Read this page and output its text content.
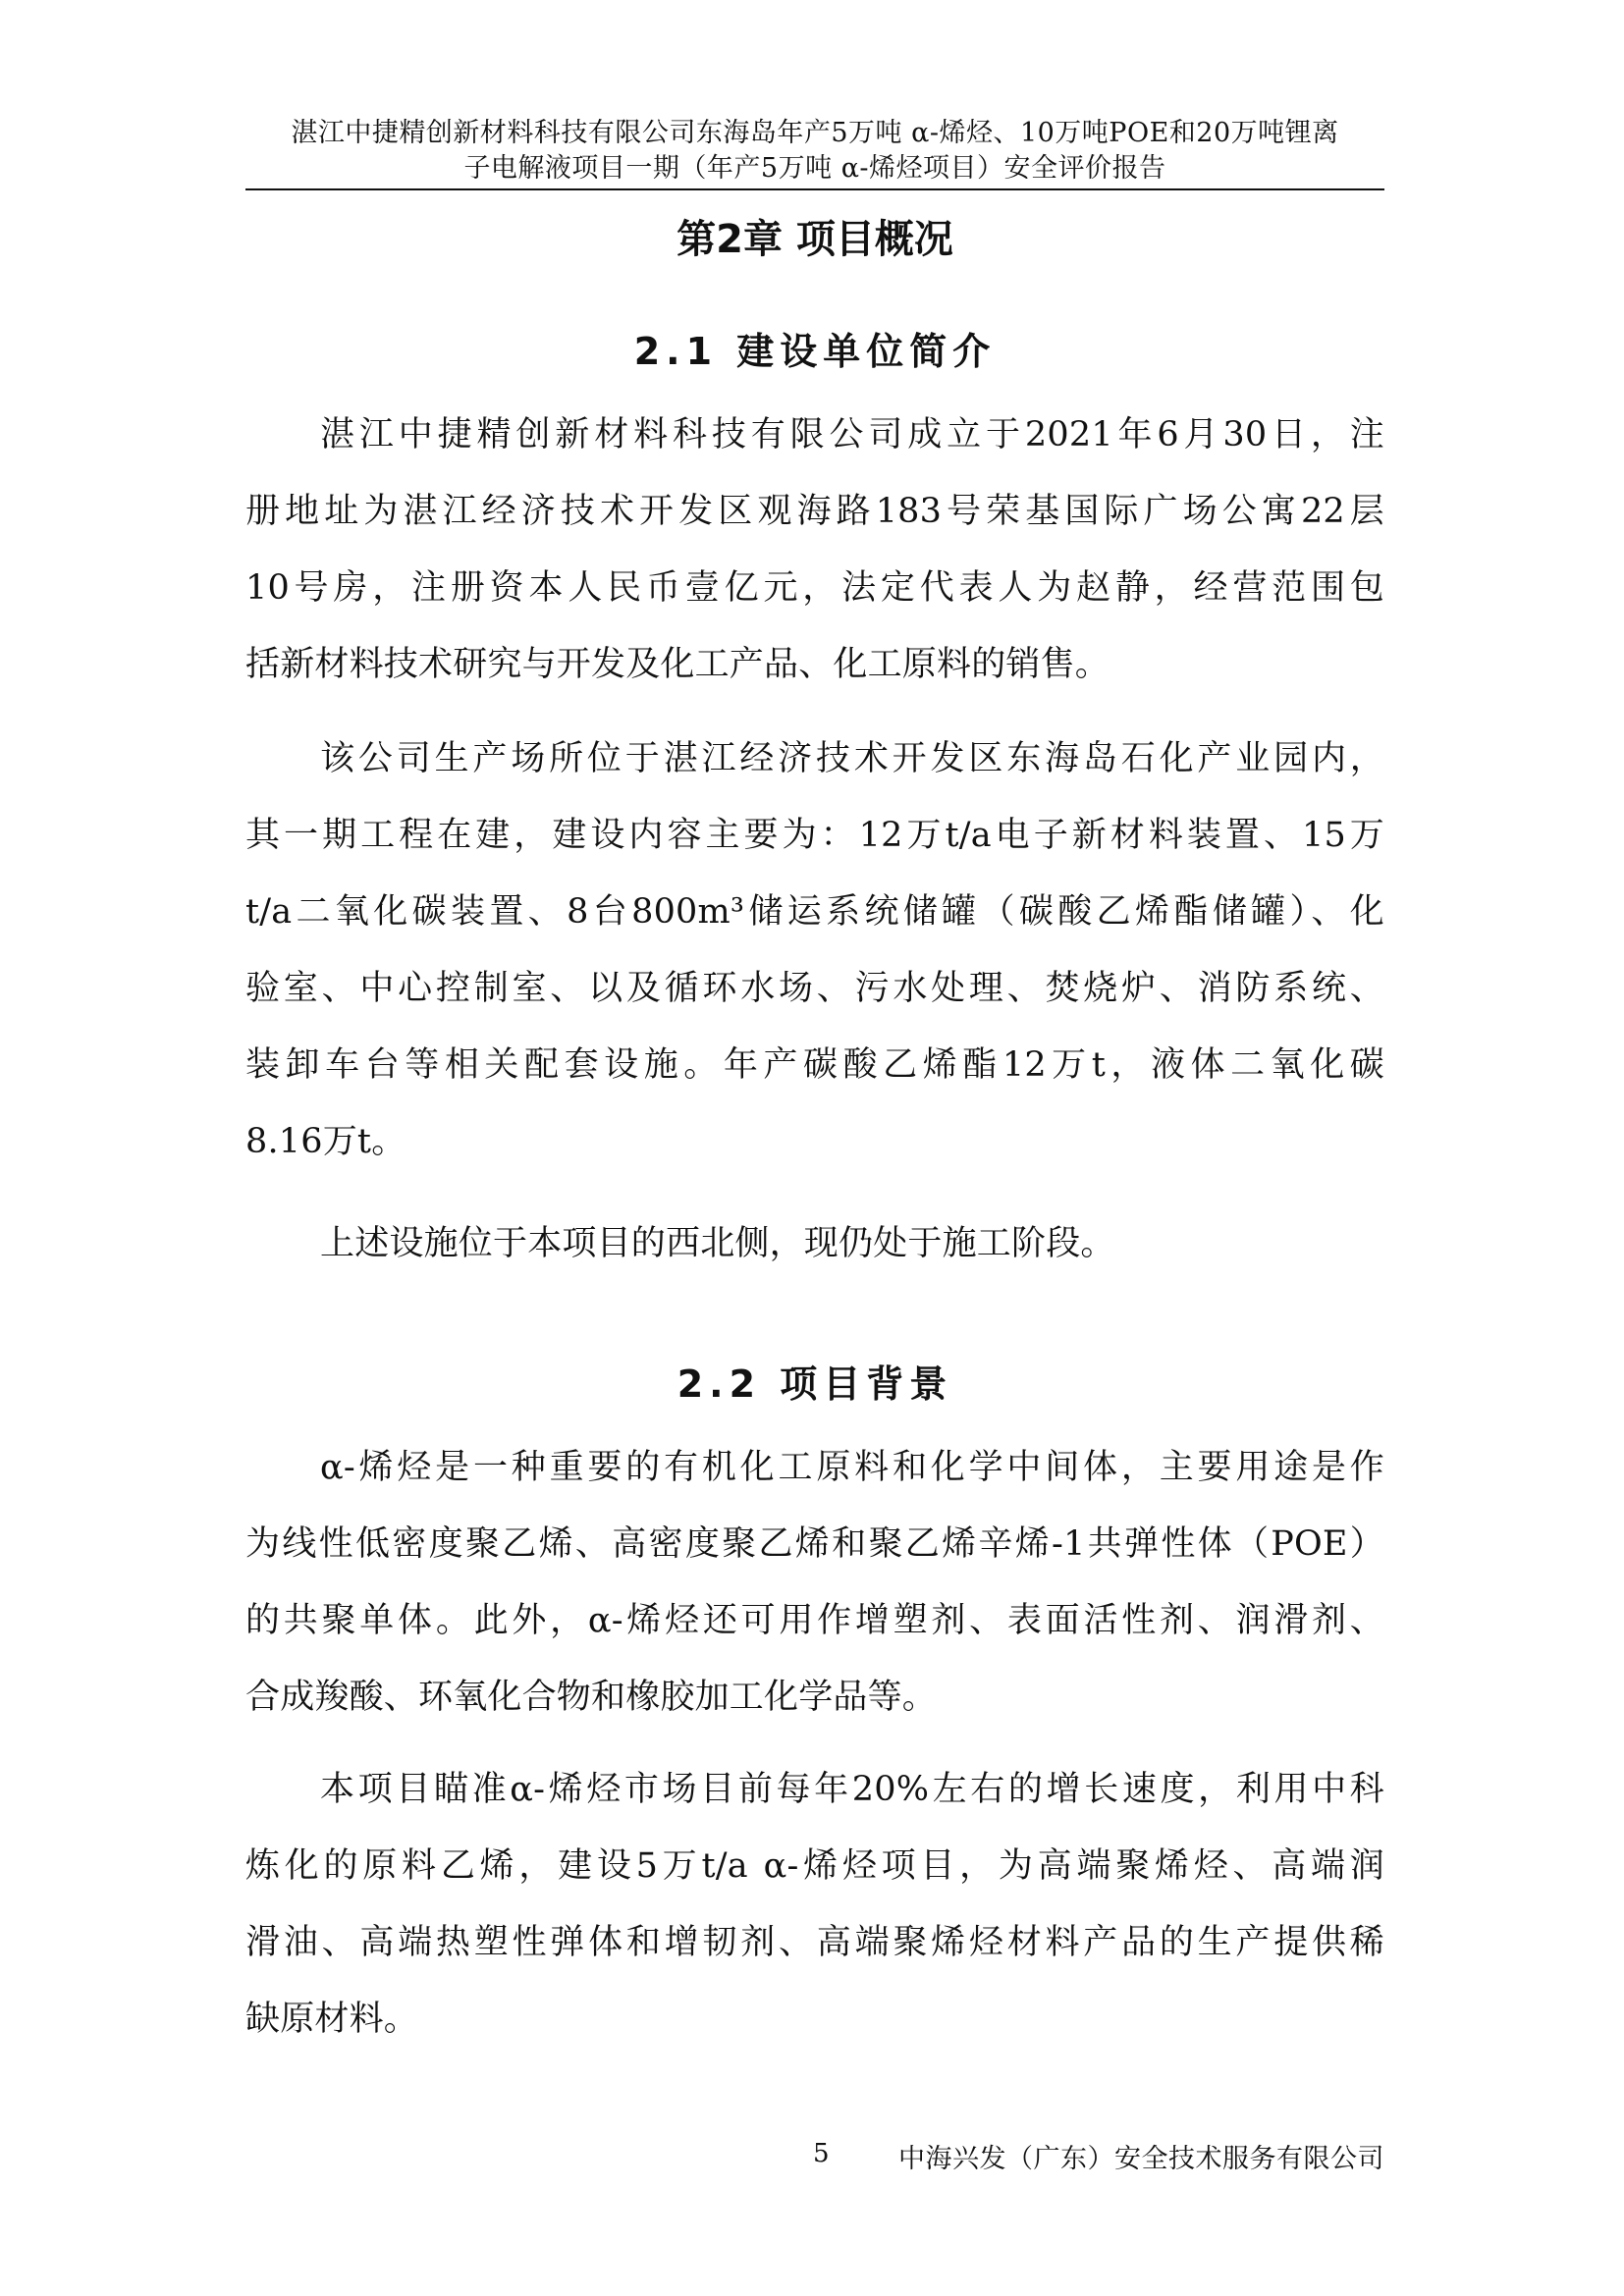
湛江中捷精创新材料科技有限公司东海岛年产5万吨 α-烯烃、10万吨POE和20万吨锂离
子电解液项目一期（年产5万吨 α-烯烃项目）安全评价报告
第2章 项目概况
2.1 建设单位简介
湛江中捷精创新材料科技有限公司成立于2021年6月30日，注
册地址为湛江经济技术开发区观海路183号荣基国际广场公寓22层
10号房，注册资本人民币壹亿元，法定代表人为赵静，经营范围包
括新材料技术研究与开发及化工产品、化工原料的销售。
该公司生产场所位于湛江经济技术开发区东海岛石化产业园内，
其一期工程在建，建设内容主要为：12万t/a电子新材料装置、15万
t/a二氧化碳装置、8台800m³储运系统储罐（碳酸乙烯酯储罐）、化
验室、中心控制室、以及循环水场、污水处理、焚烧炉、消防系统、
装卸车台等相关配套设施。年产碳酸乙烯酯12万t，液体二氧化碳
8.16万t。
上述设施位于本项目的西北侧，现仍处于施工阶段。
2.2 项目背景
α-烯烃是一种重要的有机化工原料和化学中间体，主要用途是作
为线性低密度聚乙烯、高密度聚乙烯和聚乙烯辛烯-1共弹性体（POE）
的共聚单体。此外，α-烯烃还可用作增塑剂、表面活性剂、润滑剂、
合成羧酸、环氧化合物和橡胶加工化学品等。
本项目瞄准α-烯烃市场目前每年20%左右的增长速度，利用中科
炼化的原料乙烯，建设5万t/a α-烯烃项目，为高端聚烯烃、高端润
滑油、高端热塑性弹体和增韧剂、高端聚烯烃材料产品的生产提供稀
缺原材料。
5	中海兴发（广东）安全技术服务有限公司
